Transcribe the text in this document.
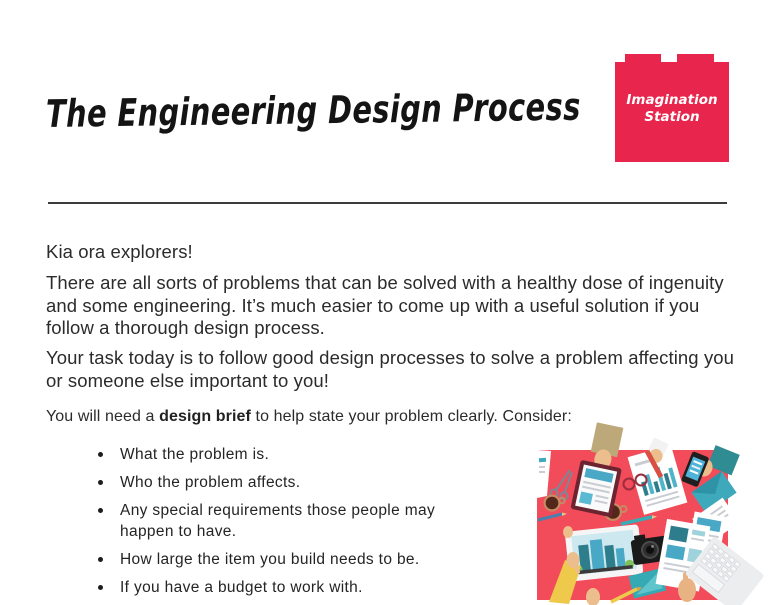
The Engineering Design Process	Imagination
Station

Kia ora explorers!

There are all sorts of problems that can be solved with a healthy dose of ingenuity and some engineering. It’s much easier to come up with a useful solution if you follow a thorough design process.

Your task today is to follow good design processes to solve a problem affecting you or someone else important to you!

You will need a design brief to help state your problem clearly. Consider:

What the problem is.
Who the problem affects.
Any special requirements those people may happen to have.
How large the item you build needs to be.
If you have a budget to work with.
